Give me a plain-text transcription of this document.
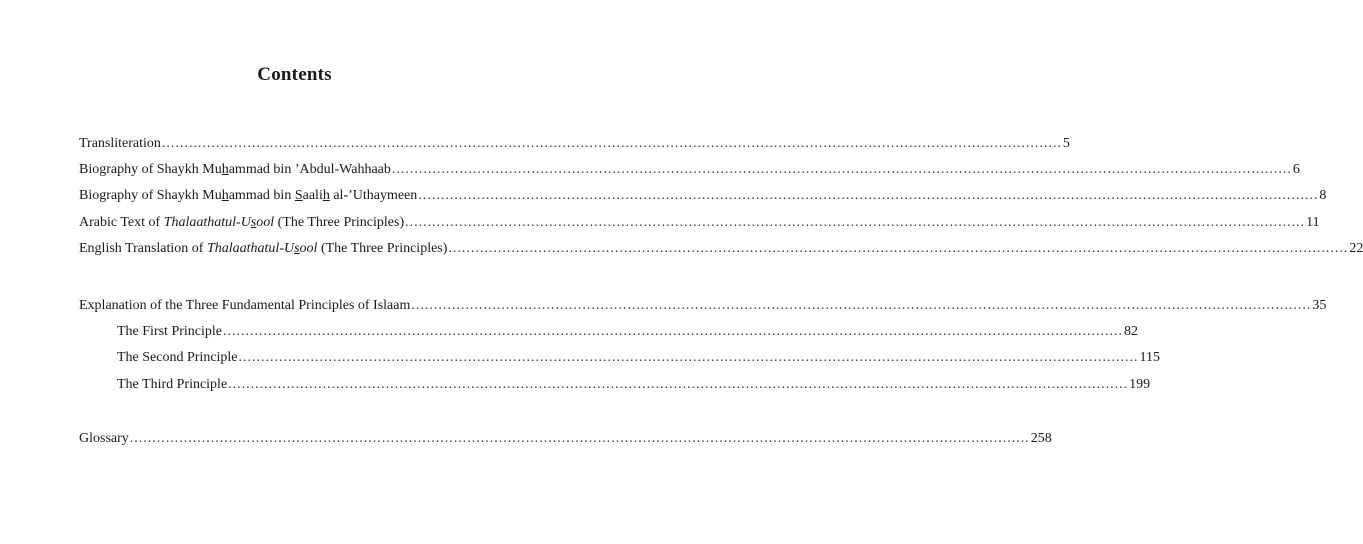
Contents
Transliteration ........................................................................................................................................................................................................ 5
Biography of Shaykh Muhammad bin ’Abdul-Wahhaab ........................................................................................................................................................................................................ 6
Biography of Shaykh Muhammad bin Saalih al-’Uthaymeen ........................................................................................................................................................................................................ 8
Arabic Text of Thalaathatul-Usool (The Three Principles) ........................................................................................................................................................................................................ 11
English Translation of Thalaathatul-Usool (The Three Principles) ........................................................................................................................................................................................................ 22
Explanation of the Three Fundamental Principles of Islaam ........................................................................................................................................................................................................ 35
The First Principle ........................................................................................................................................................................................................ 82
The Second Principle ........................................................................................................................................................................................................ 115
The Third Principle ........................................................................................................................................................................................................ 199
Glossary ........................................................................................................................................................................................................ 258
